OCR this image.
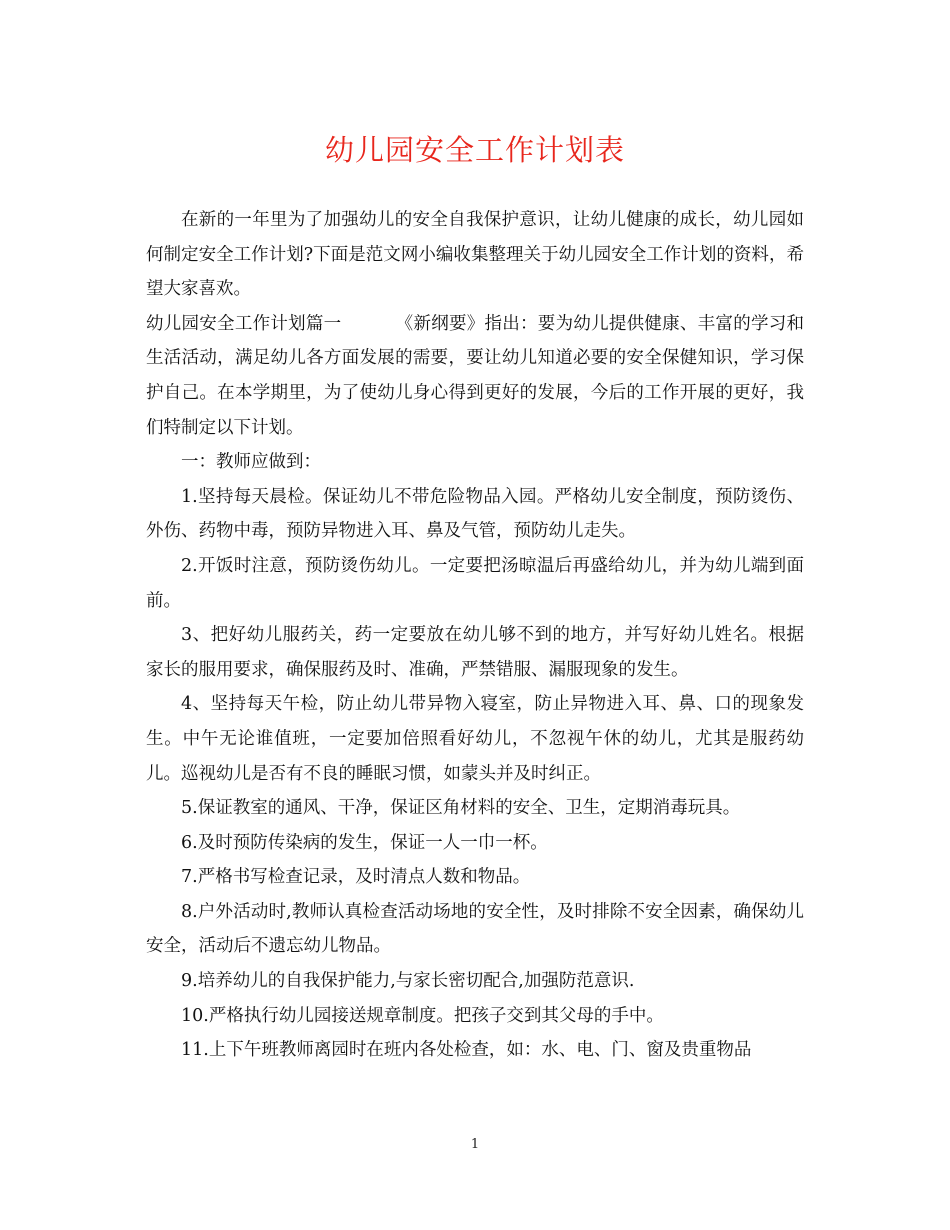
幼儿园安全工作计划表

在新的一年里为了加强幼儿的安全自我保护意识，让幼儿健康的成长，幼儿园如何制定安全工作计划?下面是范文网小编收集整理关于幼儿园安全工作计划的资料，希望大家喜欢。

幼儿园安全工作计划篇一	《新纲要》指出：要为幼儿提供健康、丰富的学习和生活活动，满足幼儿各方面发展的需要，要让幼儿知道必要的安全保健知识，学习保护自己。在本学期里，为了使幼儿身心得到更好的发展，今后的工作开展的更好，我们特制定以下计划。

一：教师应做到：

1.坚持每天晨检。保证幼儿不带危险物品入园。严格幼儿安全制度，预防烫伤、外伤、药物中毒，预防异物进入耳、鼻及气管，预防幼儿走失。

2.开饭时注意，预防烫伤幼儿。一定要把汤晾温后再盛给幼儿，并为幼儿端到面前。

3、把好幼儿服药关，药一定要放在幼儿够不到的地方，并写好幼儿姓名。根据家长的服用要求，确保服药及时、准确，严禁错服、漏服现象的发生。

4、坚持每天午检，防止幼儿带异物入寝室，防止异物进入耳、鼻、口的现象发生。中午无论谁值班，一定要加倍照看好幼儿，不忽视午休的幼儿，尤其是服药幼儿。巡视幼儿是否有不良的睡眠习惯，如蒙头并及时纠正。

5.保证教室的通风、干净，保证区角材料的安全、卫生，定期消毒玩具。

6.及时预防传染病的发生，保证一人一巾一杯。

7.严格书写检查记录，及时清点人数和物品。

8.户外活动时,教师认真检查活动场地的安全性，及时排除不安全因素，确保幼儿安全，活动后不遗忘幼儿物品。

9.培养幼儿的自我保护能力,与家长密切配合,加强防范意识.

10.严格执行幼儿园接送规章制度。把孩子交到其父母的手中。

11.上下午班教师离园时在班内各处检查，如：水、电、门、窗及贵重物品

1
